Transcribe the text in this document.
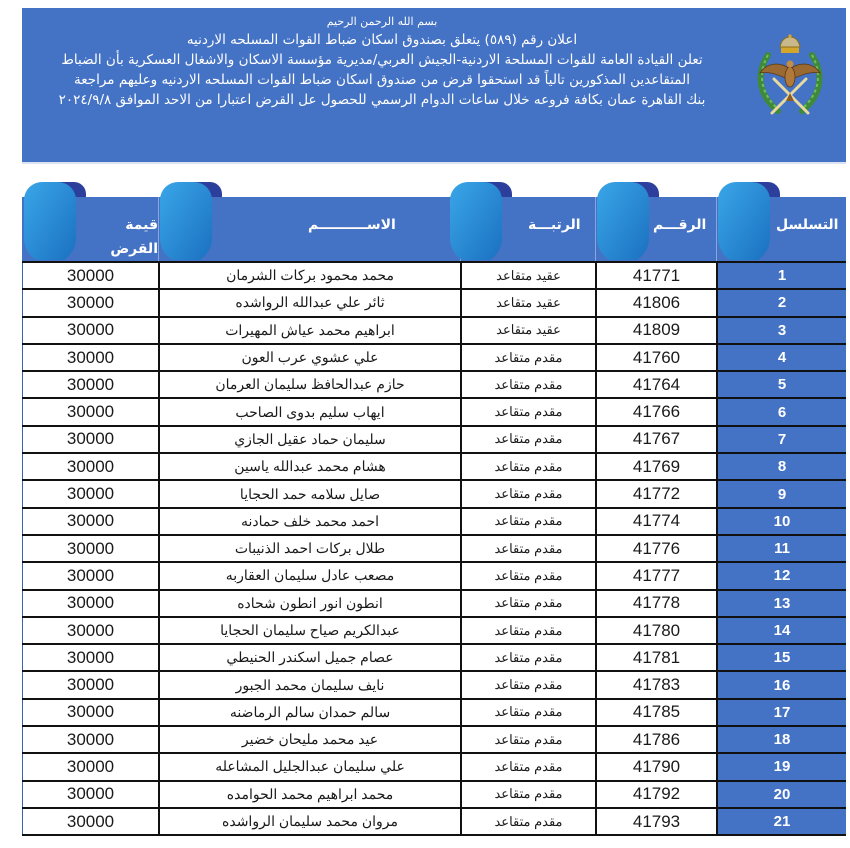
بسم الله الرحمن الرحيم
اعلان رقم (٥٨٩) يتعلق بصندوق اسكان ضباط القوات المسلحه الاردنيه
تعلن القيادة العامة للقوات المسلحة الاردنية-الجيش العربي/مديرية مؤسسة الاسكان والاشغال العسكرية بأن الضباط
المتقاعدين المذكورين تالياً قد استحقوا قرض من صندوق اسكان ضباط القوات المسلحه الاردنيه وعليهم مراجعة
بنك القاهرة عمان بكافة فروعه خلال ساعات الدوام الرسمي للحصول عل القرض اعتبارا من الاحد الموافق ٢٠٢٤/٩/٨
قيمة القرض
الاســــــــــم	الرتبـــة	الرقـــم	التسلسل
30000	محمد محمود بركات الشرمان	عقيد متقاعد	41771	1
30000	ثائر علي عبدالله الرواشده	عقيد متقاعد	41806	2
30000	ابراهيم محمد عياش المهيرات	عقيد متقاعد	41809	3
30000	علي عشوي عرب العون	مقدم متقاعد	41760	4
30000	حازم عبدالحافظ سليمان العرمان	مقدم متقاعد	41764	5
30000	ايهاب سليم بدوى الصاحب	مقدم متقاعد	41766	6
30000	سليمان حماد عقيل الجازي	مقدم متقاعد	41767	7
30000	هشام محمد عبدالله ياسين	مقدم متقاعد	41769	8
30000	صايل سلامه حمد الحجايا	مقدم متقاعد	41772	9
30000	احمد محمد خلف حمادنه	مقدم متقاعد	41774	10
30000	طلال بركات احمد الذنيبات	مقدم متقاعد	41776	11
30000	مصعب عادل سليمان العقاربه	مقدم متقاعد	41777	12
30000	انطون انور انطون شحاده	مقدم متقاعد	41778	13
30000	عبدالكريم صياح سليمان الحجايا	مقدم متقاعد	41780	14
30000	عصام جميل اسكندر الحنيطي	مقدم متقاعد	41781	15
30000	نايف سليمان محمد الجبور	مقدم متقاعد	41783	16
30000	سالم حمدان سالم الرماضنه	مقدم متقاعد	41785	17
30000	عيد محمد مليحان خضير	مقدم متقاعد	41786	18
30000	علي سليمان عبدالجليل المشاعله	مقدم متقاعد	41790	19
30000	محمد ابراهيم محمد الحوامده	مقدم متقاعد	41792	20
30000	مروان محمد سليمان الرواشده	مقدم متقاعد	41793	21
